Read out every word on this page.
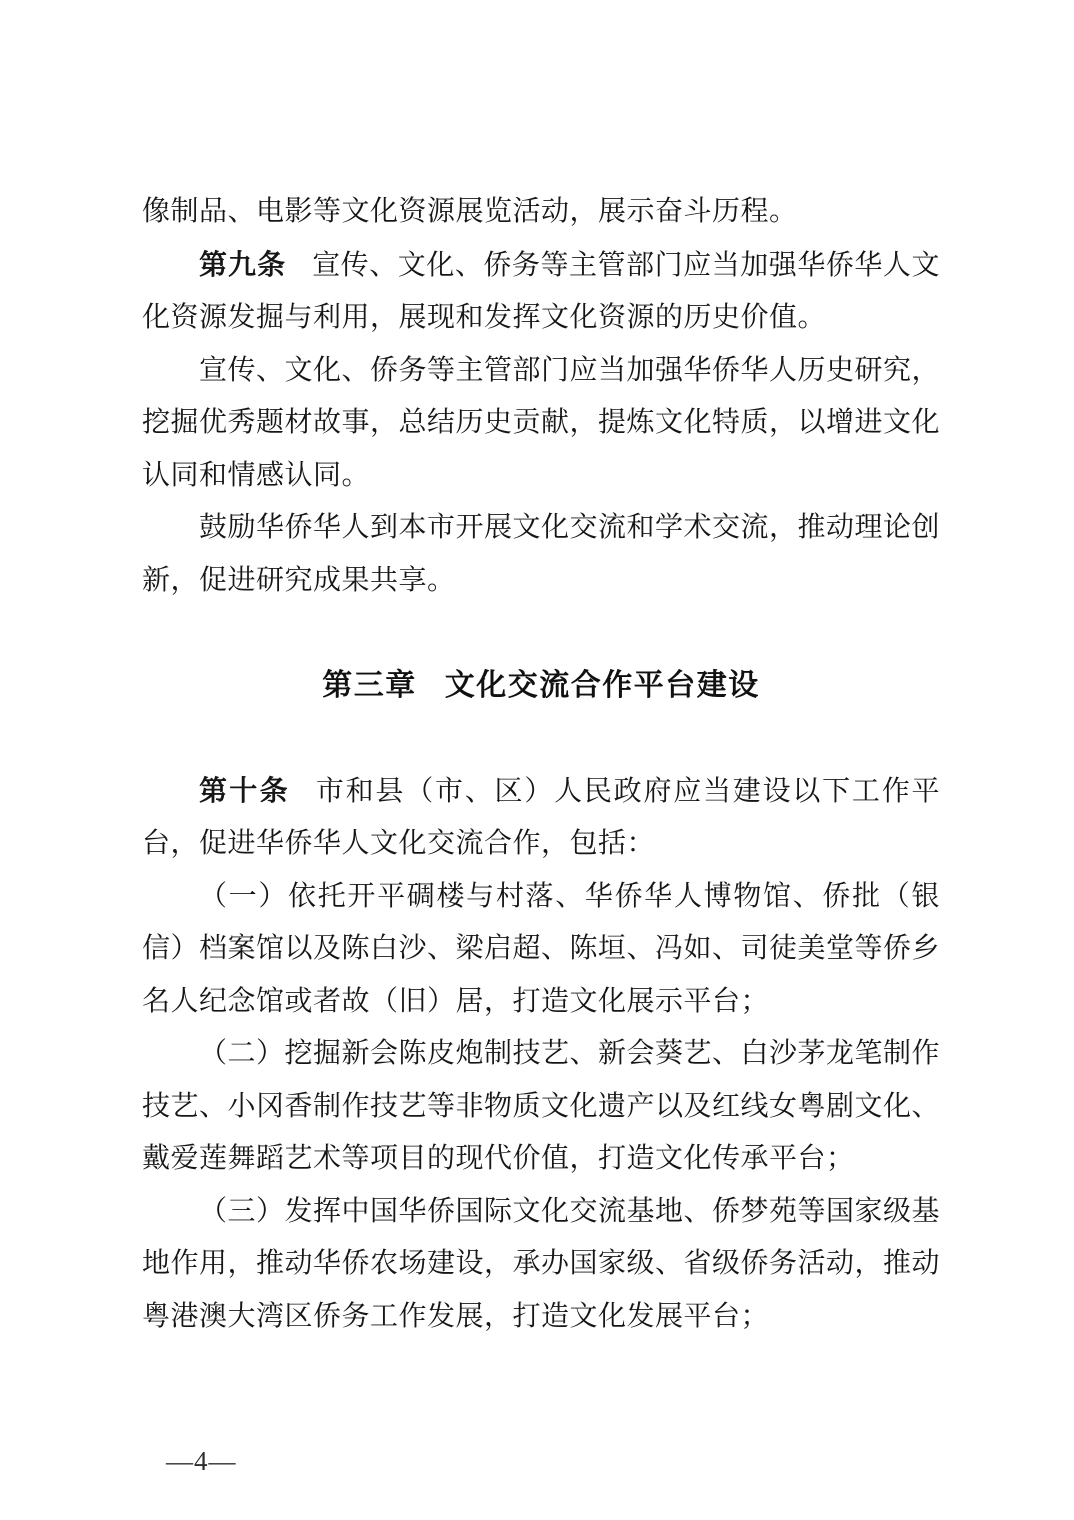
像制品、电影等文化资源展览活动，展示奋斗历程。

第九条 宣传、文化、侨务等主管部门应当加强华侨华人文化资源发掘与利用，展现和发挥文化资源的历史价值。

宣传、文化、侨务等主管部门应当加强华侨华人历史研究，挖掘优秀题材故事，总结历史贡献，提炼文化特质，以增进文化认同和情感认同。

鼓励华侨华人到本市开展文化交流和学术交流，推动理论创新，促进研究成果共享。

第三章 文化交流合作平台建设

第十条 市和县（市、区）人民政府应当建设以下工作平台，促进华侨华人文化交流合作，包括：

（一）依托开平碉楼与村落、华侨华人博物馆、侨批（银信）档案馆以及陈白沙、梁启超、陈垣、冯如、司徒美堂等侨乡名人纪念馆或者故（旧）居，打造文化展示平台；

（二）挖掘新会陈皮炮制技艺、新会葵艺、白沙茅龙笔制作技艺、小冈香制作技艺等非物质文化遗产以及红线女粤剧文化、戴爱莲舞蹈艺术等项目的现代价值，打造文化传承平台；

（三）发挥中国华侨国际文化交流基地、侨梦苑等国家级基地作用，推动华侨农场建设，承办国家级、省级侨务活动，推动粤港澳大湾区侨务工作发展，打造文化发展平台；

—4—
